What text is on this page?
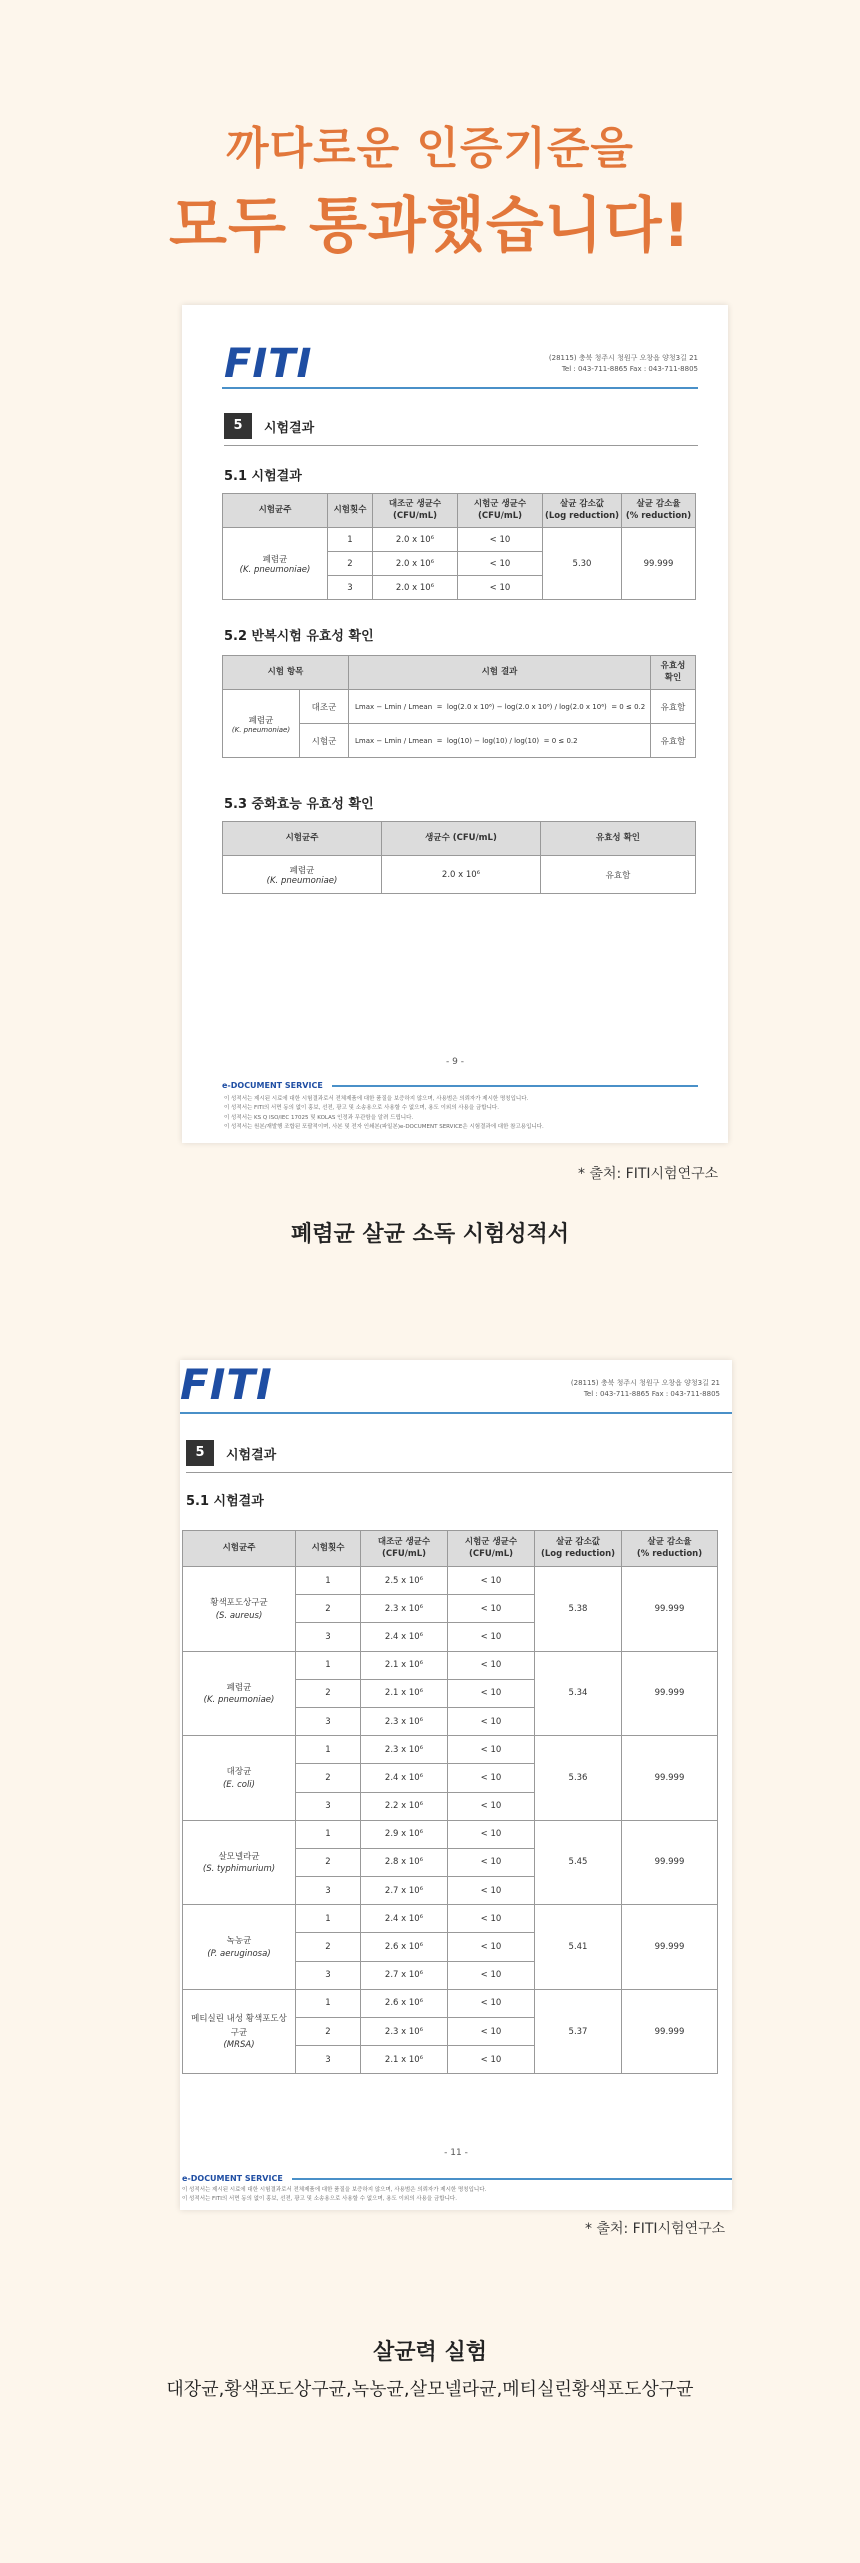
까다로운 인증기준을
모두 통과했습니다!
FITI	(28115) 충북 청주시 청원구 오창읍 양청3길 21
Tel : 043-711-8865 Fax : 043-711-8805
5	시험결과
5.1 시험결과
시험균주	시험횟수	대조군 생균수
(CFU/mL)	시험군 생균수
(CFU/mL)	살균 감소값
(Log reduction)	살균 감소율
(% reduction)

폐렴균
(K. pneumoniae)	1	2.0 x 10⁶	< 10	5.30	99.999
	2	2.0 x 10⁶	< 10		
	3	2.0 x 10⁶	< 10		
5.2 반복시험 유효성 확인
시험 항목		시험 결과	유효성
확인

폐렴균
(K. pneumoniae)	대조군	Lmax − Lmin / Lmean  =  log(2.0 x 10⁶) − log(2.0 x 10⁶) / log(2.0 x 10⁶) = 0 ≤ 0.2	유효함
	시험군	Lmax − Lmin / Lmean  =  log(10) − log(10) / log(10) = 0 ≤ 0.2	유효함
5.3 중화효능 유효성 확인
시험균주	생균수 (CFU/mL)	유효성 확인

폐렴균
(K. pneumoniae)	2.0 x 10⁶	유효함
- 9 -
e-DOCUMENT SERVICE
이 성적서는 제시된 시료에 대한 시험결과로서 전체제품에 대한 품질을 보증하지 않으며, 사용범은 의뢰자가 제시한 명칭입니다.
이 성적서는 FITI의 서면 동의 없이 홍보, 선전, 광고 및 소송용으로 사용할 수 없으며, 용도 이외의 사용을 금합니다.
이 성적서는 KS Q ISO/IEC 17025 및 KOLAS 인정과 무관함을 알려 드립니다.
이 성적서는 원본/재발행 조합된 포괄적이며, 사본 및 전자 인쇄본(파일본)e-DOCUMENT SERVICE은 시험결과에 대한 참고용입니다.
* 출처: FITI시험연구소
폐렴균 살균 소독 시험성적서
FITI	(28115) 충북 청주시 청원구 오창읍 양청3길 21
Tel : 043-711-8865 Fax : 043-711-8805
5	시험결과
5.1 시험결과
시험균주	시험횟수	대조군 생균수
(CFU/mL)	시험군 생균수
(CFU/mL)	살균 감소값
(Log reduction)	살균 감소율
(% reduction)

황색포도상구균
(S. aureus)	1	2.5 x 10⁶	< 10	5.38	99.999
	2	2.3 x 10⁶	< 10		
	3	2.4 x 10⁶	< 10		

폐렴균
(K. pneumoniae)	1	2.1 x 10⁶	< 10	5.34	99.999
	2	2.1 x 10⁶	< 10		
	3	2.3 x 10⁶	< 10		

대장균
(E. coli)	1	2.3 x 10⁶	< 10	5.36	99.999
	2	2.4 x 10⁶	< 10		
	3	2.2 x 10⁶	< 10		

살모넬라균
(S. typhimurium)	1	2.9 x 10⁶	< 10	5.45	99.999
	2	2.8 x 10⁶	< 10		
	3	2.7 x 10⁶	< 10		

녹농균
(P. aeruginosa)	1	2.4 x 10⁶	< 10	5.41	99.999
	2	2.6 x 10⁶	< 10		
	3	2.7 x 10⁶	< 10		

메티실린 내성 황색포도상구균
(MRSA)	1	2.6 x 10⁶	< 10	5.37	99.999
	2	2.3 x 10⁶	< 10		
	3	2.1 x 10⁶	< 10		
- 11 -
e-DOCUMENT SERVICE
이 성적서는 제시된 시료에 대한 시험결과로서 전체제품에 대한 품질을 보증하지 않으며, 사용범은 의뢰자가 제시한 명칭입니다.
이 성적서는 FITI의 서면 동의 없이 홍보, 선전, 광고 및 소송용으로 사용할 수 없으며, 용도 이외의 사용을 금합니다.
* 출처: FITI시험연구소
살균력 실험
대장균,황색포도상구균,녹농균,살모넬라균,메티실린황색포도상구균
